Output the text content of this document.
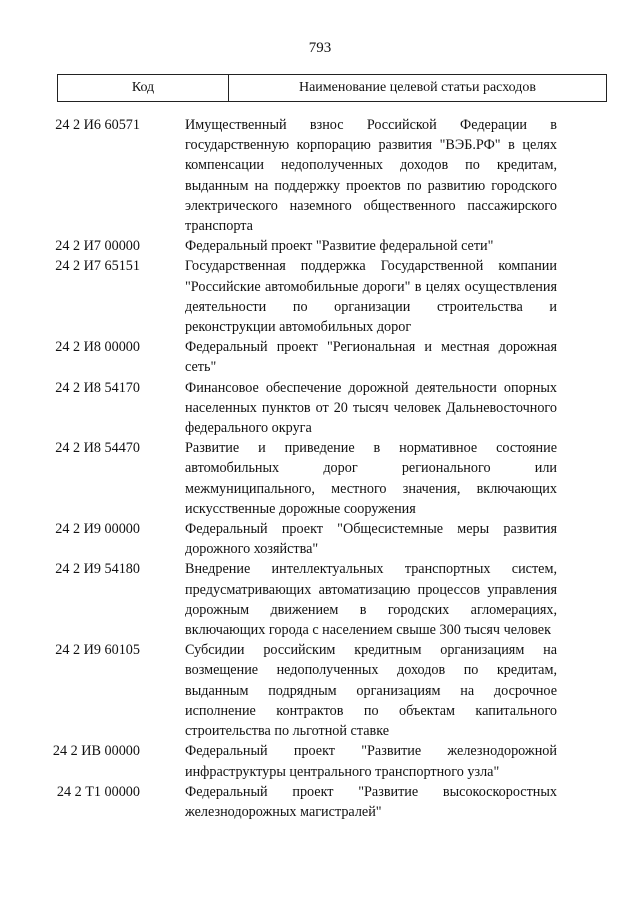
793
Код	Наименование целевой статьи расходов
24 2 И6 60571	Имущественный взнос Российской Федерации в государственную корпорацию развития "ВЭБ.РФ" в целях компенсации недополученных доходов по кредитам, выданным на поддержку проектов по развитию городского электрического наземного общественного пассажирского транспорта
24 2 И7 00000	Федеральный проект "Развитие федеральной сети"
24 2 И7 65151	Государственная поддержка Государственной компании "Российские автомобильные дороги" в целях осуществления деятельности по организации строительства и реконструкции автомобильных дорог
24 2 И8 00000	Федеральный проект "Региональная и местная дорожная сеть"
24 2 И8 54170	Финансовое обеспечение дорожной деятельности опорных населенных пунктов от 20 тысяч человек Дальневосточного федерального округа
24 2 И8 54470	Развитие и приведение в нормативное состояние автомобильных дорог регионального или межмуниципального, местного значения, включающих искусственные дорожные сооружения
24 2 И9 00000	Федеральный проект "Общесистемные меры развития дорожного хозяйства"
24 2 И9 54180	Внедрение интеллектуальных транспортных систем, предусматривающих автоматизацию процессов управления дорожным движением в городских агломерациях, включающих города с населением свыше 300 тысяч человек
24 2 И9 60105	Субсидии российским кредитным организациям на возмещение недополученных доходов по кредитам, выданным подрядным организациям на досрочное исполнение контрактов по объектам капитального строительства по льготной ставке
24 2 ИВ 00000	Федеральный проект "Развитие железнодорожной инфраструктуры центрального транспортного узла"
24 2 Т1 00000	Федеральный проект "Развитие высокоскоростных железнодорожных магистралей"
